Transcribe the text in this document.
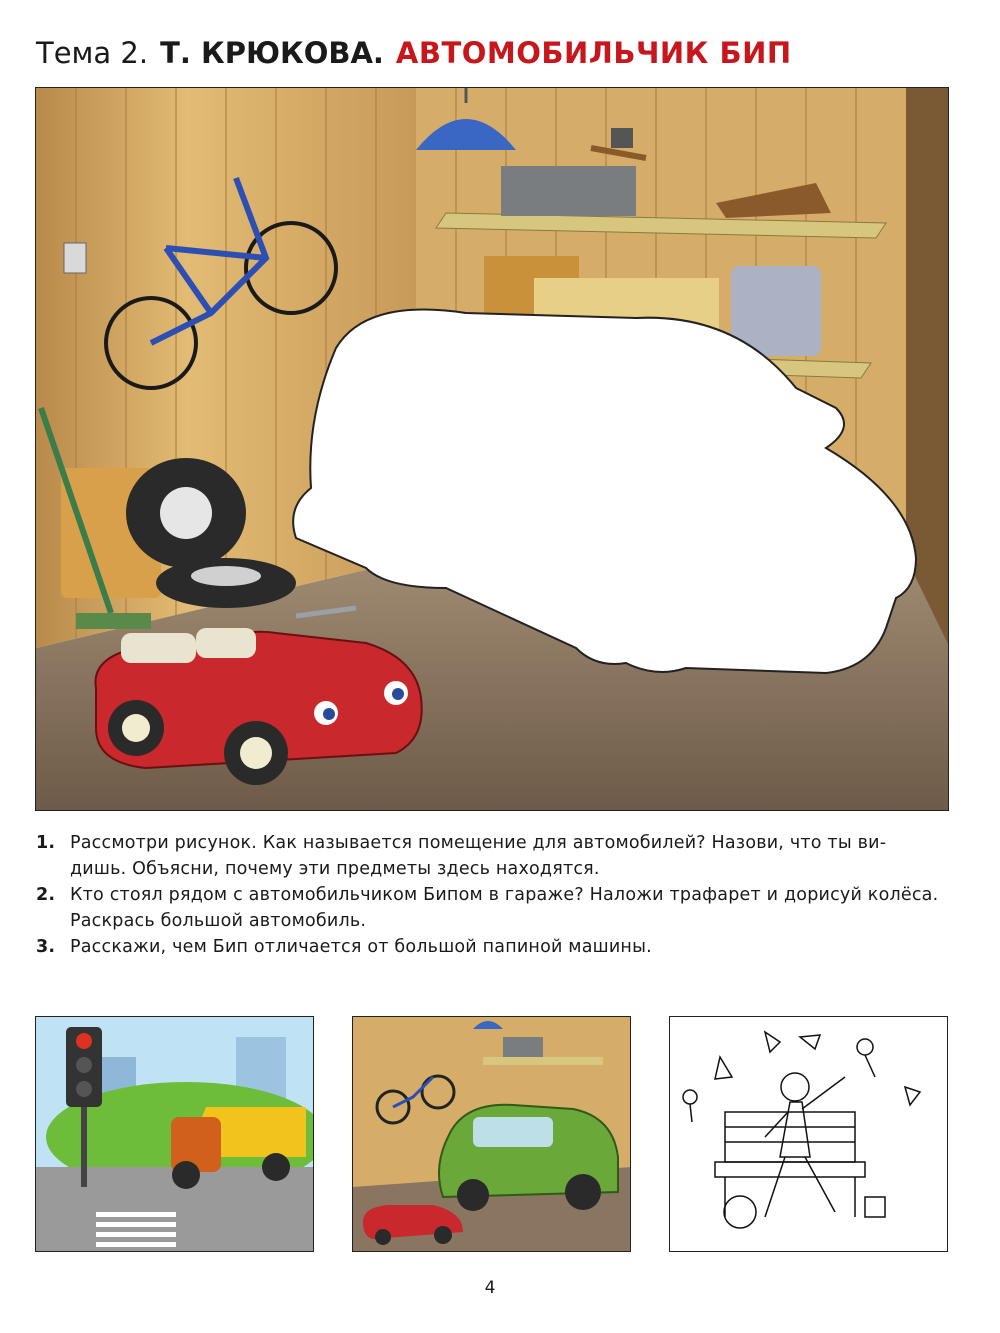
Тема 2. Т. КРЮКОВА. АВТОМОБИЛЬЧИК БИП
1. Рассмотри рисунок. Как называется помещение для автомобилей? Назови, что ты ви- дишь. Объясни, почему эти предметы здесь находятся.
2. Кто стоял рядом с автомобильчиком Бипом в гараже? Наложи трафарет и дорисуй колёса. Раскрась большой автомобиль.
3. Расскажи, чем Бип отличается от большой папиной машины.
4
